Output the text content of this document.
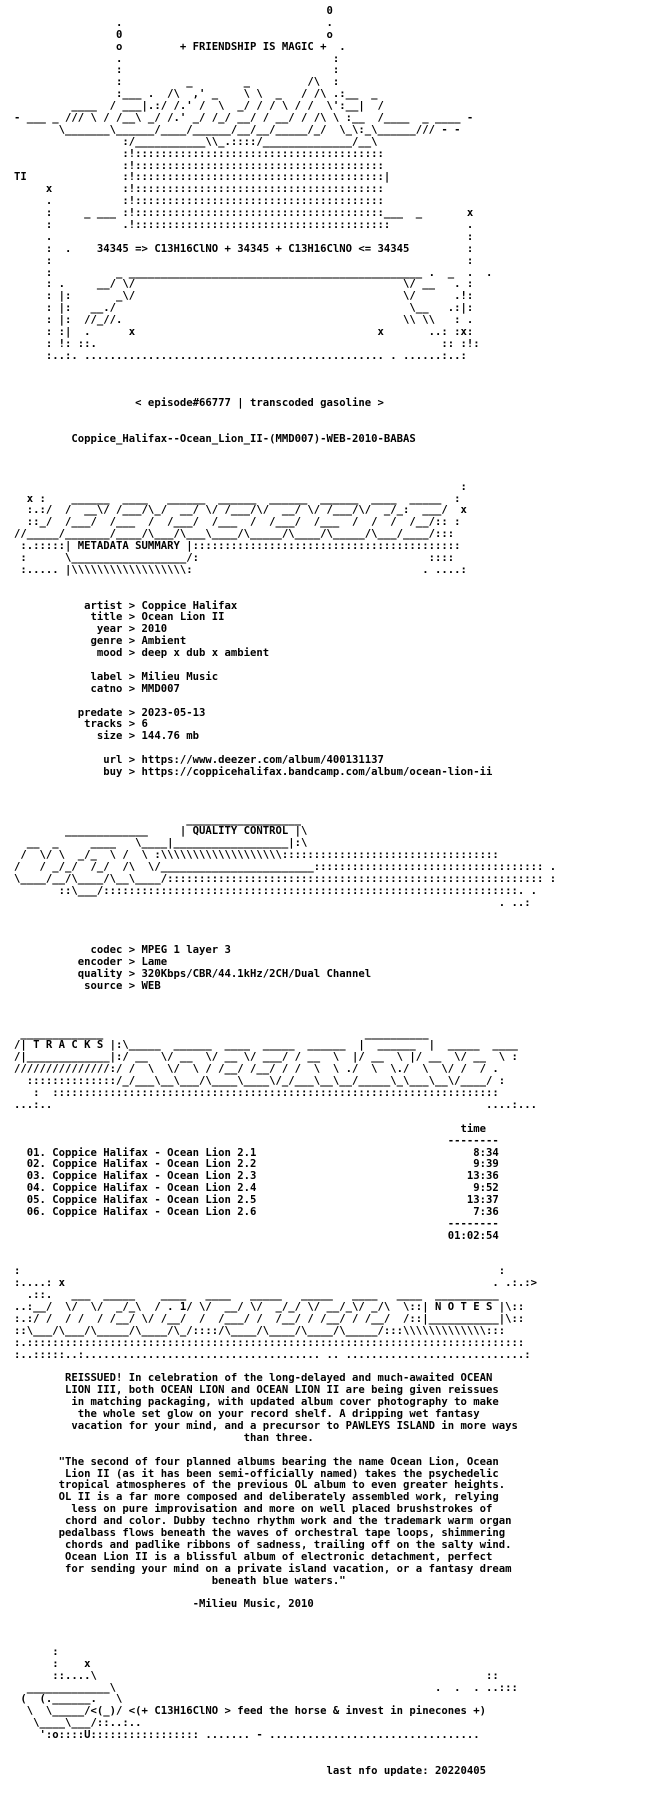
0
.                                .
0                                o
o         + FRIENDSHIP IS MAGIC +  .
.                                 :
:                                 :
:          _        _         /\  :
:___ .  /\  ,' _    \ \  _   / /\ .:__  _
____  / ___|.:/ /.' /  \  _/ / / \ / /  \':__|  /
- ___ _ /// \ / /__\ _/ /.' _/ /_/ __/ / __/ / /\ \ :__  /____  _ ____ -
\_______\______/____/______/__/__/_____/_/  \_\:_\______/// - -
:/___________\\_.::::/______________/__\
:!:::::::::::::::::::::::::::::::::::::::
:!:::::::::::::::::::::::::::::::::::::::
TI               :!:::::::::::::::::::::::::::::::::::::::|
x           :!:::::::::::::::::::::::::::::::::::::::
.           :!:::::::::::::::::::::::::::::::::::::::
:     _ ___ :!:::::::::::::::::::::::::::::::::::::::___  _       x
:           .!::::::::::::::::::::::::::::::::::::::::            .
.                                                                 :
:  .    34345 => C13H16ClNO + 34345 + C13H16ClNO <= 34345         :
:                                                                 :
:          _ ______________________________________________ .  _  .  .
: .     __/ \/                                          \/ __   . :
: |:       _\/                                          \/      .!:
: |:   __./                                              \__   .:|:
: |:  //_//.                                            \\ \\   : .
: :|  .      x                                      x       ..: :x:
: !: ::.                                                      :: :!:
:..:. ............................................... . ......:..:
< episode#66777 | transcoded gasoline >
Coppice_Halifax--Ocean_Lion_II-(MMD007)-WEB-2010-BABAS
:
x :    ______  ____   ______  ______  ______  ______  ____  _____  :
:.:/  /  __\/ /___/\_/  __/ \/ /___/\/  __/ \/ /___/\/  _/_:  ___/  x
::_/  /___/  /___  /  /___/  /___  /  /___/  /___  /  /  /  /__/:: :
//_____/_______/____/\___/\___\____/\_____/\____/\_____/\___/____/:::
:.:::::| METADATA SUMMARY |::::::::::::::::::::::::::::::::::::::::::
:      \__________________/:                                    ::::
:..... |\\\\\\\\\\\\\\\\\\:                                    . ....:
artist > Coppice Halifax
title > Ocean Lion II
year > 2010
genre > Ambient
mood > deep x dub x ambient
label > Milieu Music
catno > MMD007
predate > 2023-05-13
tracks > 6
size > 144.76 mb
url > https://www.deezer.com/album/400131137
buy > https://coppicehalifax.bandcamp.com/album/ocean-lion-ii
__________________
_____________     | QUALITY CONTROL |\
__  _     ____   \____|__________________|:\
/  \/ \  _/_  \ /  \ :\\\\\\\\\\\\\\\\\\\::::::::::::::::::::::::::::::::::
/   / _/_/  /_/  /\  \/________________________:::::::::::::::::::::::::::::::::::: .
\____/__/\____/\__\____/::::::::::::::::::::::::::::::::::::::::::::::::::::::::::: :
::\___/:::::::::::::::::::::::::::::::::::::::::::::::::::::::::::::::::. .
. ..:
codec > MPEG 1 layer 3
encoder > Lame
quality > 320Kbps/CBR/44.1kHz/2CH/Dual Channel
source > WEB
_____________                                         __________
/| T R A C K S |:\_____  ______  ____  _____  ______  |  ______  |  _____  ____
/|_____________|:/ __  \/ __  \/ __ \/ ___/ / __  \  |/ __  \ |/ __  \/ __  \ :
///////////////:/ /  \  \/  \ / /__/ /__/ / /  \  \ ./  \  \./  \  \/ /  / .
::::::::::::::/_/___\__\___/\____\____\/_/___\__\__/_____\_\___\__\/____/ :
:  ::::::::::::::::::::::::::::::::::::::::::::::::::::::::::::::::::::::
...:..                                                                    ....:...
time
--------
01. Coppice Halifax - Ocean Lion 2.1                                  8:34
02. Coppice Halifax - Ocean Lion 2.2                                  9:39
03. Coppice Halifax - Ocean Lion 2.3                                 13:36
04. Coppice Halifax - Ocean Lion 2.4                                  9:52
05. Coppice Halifax - Ocean Lion 2.5                                 13:37
06. Coppice Halifax - Ocean Lion 2.6                                  7:36
--------
01:02:54
:                                                                           :
:....: x                                                                   . .:.:>
.::.   ___  _____    ____   ____   _____   _____   ____   ____  __________
..:__/  \/  \/  _/_\  / . 1/ \/  __/ \/  _/_/ \/ __/_\/ _/\  \::| N O T E S |\::
:.:/ /  / /  / /__/ \/ /__/  /  /___/ /  /__/ / /__/ / /__/  /::|___________|\::
::\___/\___/\_____/\____/\_/::::/\____/\____/\____/\_____/:::\\\\\\\\\\\\\:::
:.::::::::::::::::::::::::::::::::::::::::::::::::::::::::::::::::::::::::::::::
:..:::::..:..................................... .. ............................:
REISSUED! In celebration of the long-delayed and much-awaited OCEAN
LION III, both OCEAN LION and OCEAN LION II are being given reissues
in matching packaging, with updated album cover photography to make
the whole set glow on your record shelf. A dripping wet fantasy
vacation for your mind, and a precursor to PAWLEYS ISLAND in more ways
than three.
"The second of four planned albums bearing the name Ocean Lion, Ocean
Lion II (as it has been semi-officially named) takes the psychedelic
tropical atmospheres of the previous OL album to even greater heights.
OL II is a far more composed and deliberately assembled work, relying
less on pure improvisation and more on well placed brushstrokes of
chord and color. Dubby techno rhythm work and the trademark warm organ
pedalbass flows beneath the waves of orchestral tape loops, shimmering
chords and padlike ribbons of sadness, trailing off on the salty wind.
Ocean Lion II is a blissful album of electronic detachment, perfect
for sending your mind on a private island vacation, or a fantasy dream
beneath blue waters."
-Milieu Music, 2010
:
:    x
::....\                                                             ::
_____________\                                                  .  .  . ..:::
(  (.______.   \
\  \_____/<(_)/ <(+ C13H16ClNO > feed the horse & invest in pinecones +)
\____\___/::..:..
':o::::U::::::::::::::::: ....... - .................................
last nfo update: 20220405
